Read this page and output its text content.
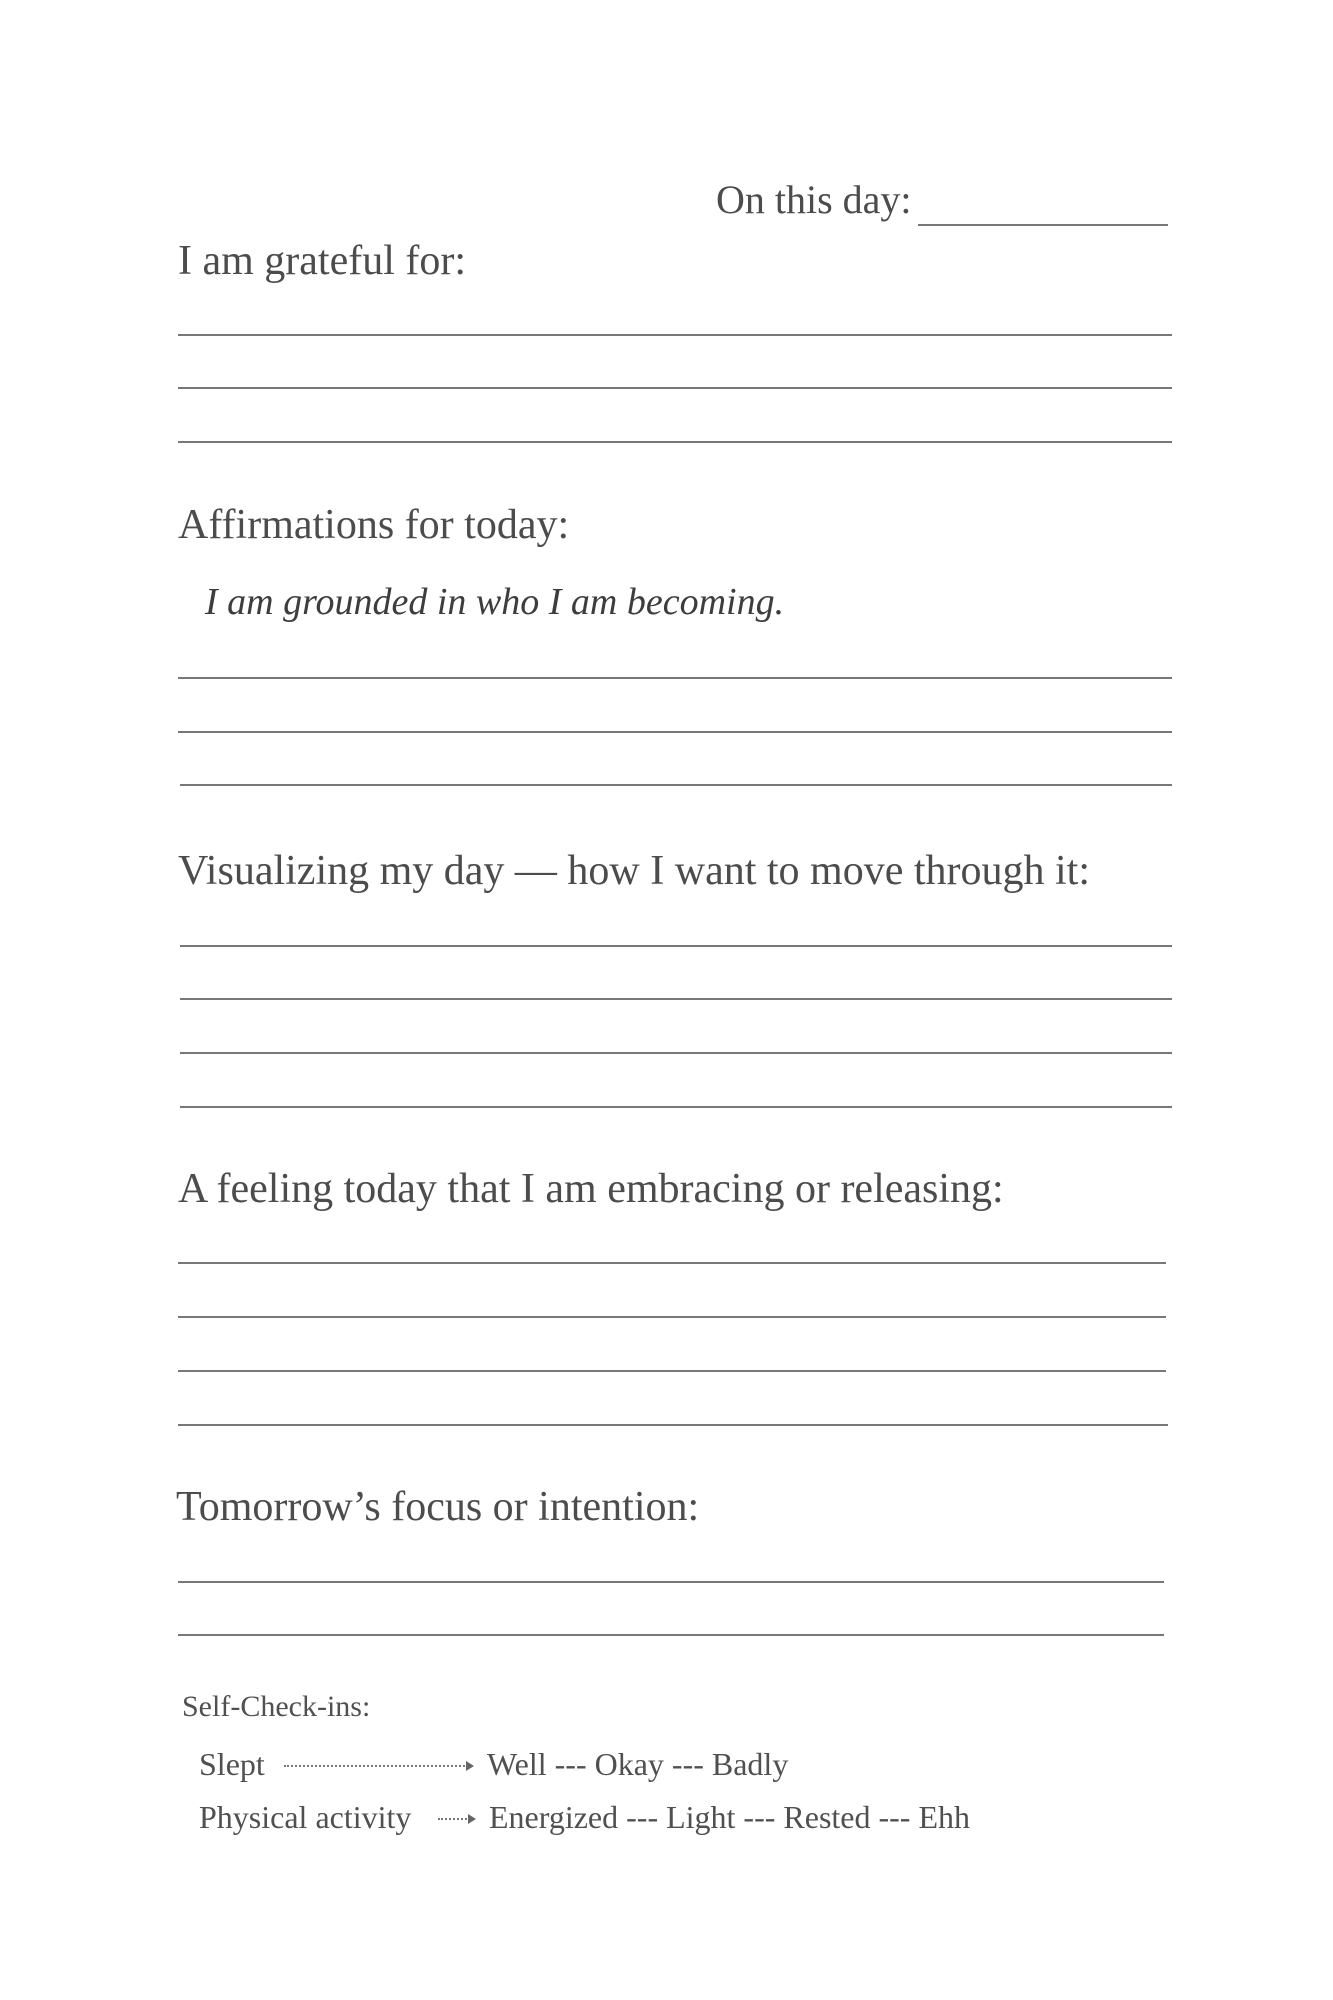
On this day:
I am grateful for:
Affirmations for today:
I am grounded in who I am becoming.
Visualizing my day — how I want to move through it:
A feeling today that I am embracing or releasing:
Tomorrow’s focus or intention:
Self-Check-ins:
Slept	Well --- Okay --- Badly
Physical activity Energized --- Light --- Rested --- Ehh
